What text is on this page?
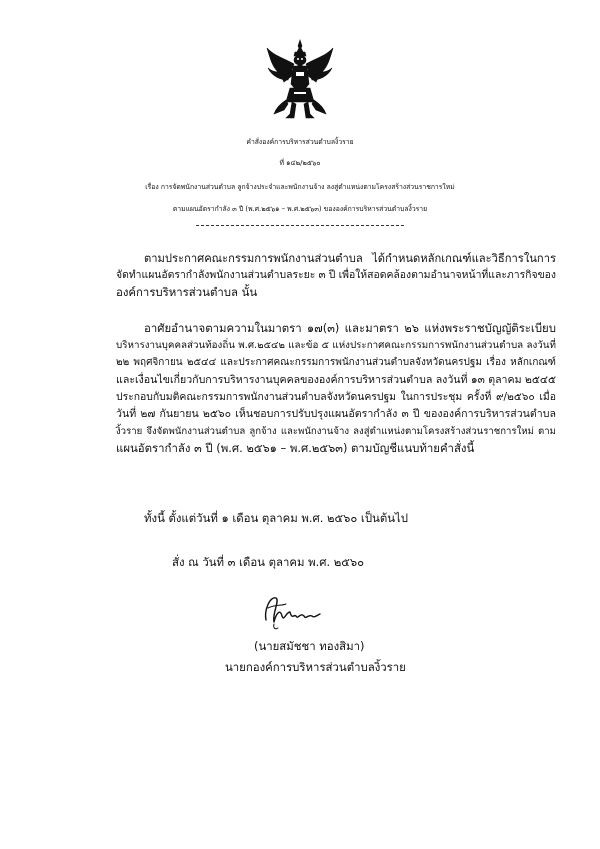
คำสั่งองค์การบริหารส่วนตำบลงิ้วราย
ที่ ๑๔๒/๒๕๖๐
เรื่อง การจัดพนักงานส่วนตำบล ลูกจ้างประจำและพนักงานจ้าง ลงสู่ตำแหน่งตามโครงสร้างส่วนราชการใหม่
ตามแผนอัตรากำลัง ๓ ปี (พ.ศ.๒๕๖๑ – พ.ศ.๒๕๖๓) ขององค์การบริหารส่วนตำบลงิ้วราย
ตามประกาศคณะกรรมการพนักงานส่วนตำบล ได้กำหนดหลักเกณฑ์และวิธีการในการ
จัดทำแผนอัตรากำลังพนักงานส่วนตำบลระยะ ๓ ปี เพื่อให้สอดคล้องตามอำนาจหน้าที่และภารกิจของ
องค์การบริหารส่วนตำบล นั้น
อาศัยอำนาจตามความในมาตรา ๑๗(๓) และมาตรา ๒๖ แห่งพระราชบัญญัติระเบียบ
บริหารงานบุคคลส่วนท้องถิ่น พ.ศ.๒๕๔๒ และข้อ ๕ แห่งประกาศคณะกรรมการพนักงานส่วนตำบล ลงวันที่
๒๒ พฤศจิกายน ๒๕๔๔ และประกาศคณะกรรมการพนักงานส่วนตำบลจังหวัดนครปฐม เรื่อง หลักเกณฑ์
และเงื่อนไขเกี่ยวกับการบริหารงานบุคคลขององค์การบริหารส่วนตำบล ลงวันที่ ๑๓ ตุลาคม ๒๕๔๕
ประกอบกับมติคณะกรรมการพนักงานส่วนตำบลจังหวัดนครปฐม ในการประชุม ครั้งที่ ๙/๒๕๖๐ เมื่อ
วันที่ ๒๗ กันยายน ๒๕๖๐ เห็นชอบการปรับปรุงแผนอัตรากำลัง ๓ ปี ขององค์การบริหารส่วนตำบล
งิ้วราย จึงจัดพนักงานส่วนตำบล ลูกจ้าง และพนักงานจ้าง ลงสู่ตำแหน่งตามโครงสร้างส่วนราชการใหม่ ตาม
แผนอัตรากำลัง ๓ ปี (พ.ศ. ๒๕๖๑ – พ.ศ.๒๕๖๓) ตามบัญชีแนบท้ายคำสั่งนี้
ทั้งนี้ ตั้งแต่วันที่ ๑ เดือน ตุลาคม พ.ศ. ๒๕๖๐ เป็นต้นไป
สั่ง ณ วันที่ ๓ เดือน ตุลาคม พ.ศ. ๒๕๖๐
(นายสมัชชา ทองสิมา)
นายกองค์การบริหารส่วนตำบลงิ้วราย
